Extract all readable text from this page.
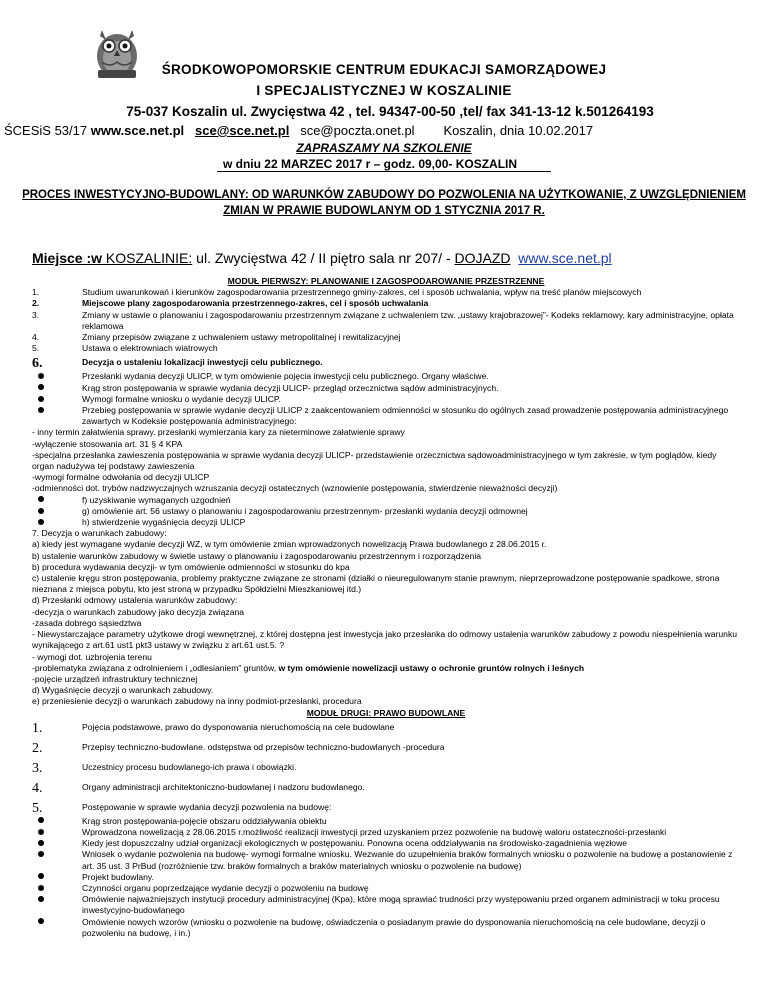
ŚRODKOWOPOMORSKIE CENTRUM EDUKACJI SAMORZĄDOWEJ
I SPECJALISTYCZNEJ W KOSZALINIE
75-037 Koszalin ul. Zwycięstwa 42 , tel. 94347-00-50 ,tel/ fax 341-13-12 k.501264193
ŚCESiS 53/17 www.sce.net.pl sce@sce.net.pl sce@poczta.onet.pl Koszalin, dnia 10.02.2017
ZAPRASZAMY NA SZKOLENIE
w dniu 22 MARZEC 2017 r – godz. 09,00- KOSZALIN
PROCES INWESTYCYJNO-BUDOWLANY: OD WARUNKÓW ZABUDOWY DO POZWOLENIA NA UŻYTKOWANIE, Z UWZGLĘDNIENIEM ZMIAN W PRAWIE BUDOWLANYM OD 1 STYCZNIA 2017 R.
Miejsce :w KOSZALINIE: ul. Zwycięstwa 42 / II piętro sala nr 207/ - DOJAZD www.sce.net.pl
MODUŁ PIERWSZY: PLANOWANIE I ZAGOSPODAROWANIE PRZESTRZENNE
1.	Studium uwarunkowań i kierunków zagospodarowania przestrzennego gminy-zakres, cel i sposób uchwalania, wpływ na treść planów miejscowych
2.	Miejscowe plany zagospodarowania przestrzennego-zakres, cel i sposób uchwalania
3.	Zmiany w ustawie o planowaniu i zagospodarowaniu przestrzennym związane z uchwaleniem tzw. „ustawy krajobrazowej”- Kodeks reklamowy, kary administracyjne, opłata reklamowa
4.	Zmiany przepisów związane z uchwaleniem ustawy metropolitalnej i rewitalizacyjnej
5.	Ustawa o elektrowniach wiatrowych
6.	Decyzja o ustaleniu lokalizacji inwestycji celu publicznego.
Przesłanki wydania decyzji ULICP, w tym omówienie pojęcia inwestycji celu publicznego. Organy właściwe.
Krąg stron postępowania w sprawie wydania decyzji ULICP- przegląd orzecznictwa sądów administracyjnych.
Wymogi formalne wniosku o wydanie decyzji ULICP.
Przebieg postępowania w sprawie wydanie decyzji ULICP z zaakcentowaniem odmienności w stosunku do ogólnych zasad prowadzenie postępowania administracyjnego zawartych w Kodeksie postępowania administracyjnego:
- inny termin załatwienia sprawy. przesłanki wymierzania kary za nieterminowe załatwienie sprawy
-wyłączenie stosowania art. 31 § 4 KPA
-specjalna przesłanka zawieszenia postępowania w sprawie wydania decyzji ULICP- przedstawienie orzecznictwa sądowoadministracyjnego w tym zakresie, w tym poglądów, kiedy organ nadużywa tej podstawy zawieszenia
-wymogi formalne odwołania od decyzji ULICP
-odmienności dot. trybów nadzwyczajnych wzruszania decyzji ostatecznych (wznowienie postępowania, stwierdzenie nieważności decyzji)
f) uzyskiwanie wymaganych uzgodnień
g) omówienie art. 56 ustawy o planowaniu i zagospodarowaniu przestrzennym- przesłanki wydania decyzji odmownej
h) stwierdzenie wygaśnięcia decyzji ULICP
7. Decyzja o warunkach zabudowy:
a) kiedy jest wymagane wydanie decyzji WZ, w tym omówienie zmian wprowadzonych nowelizacją Prawa budowlanego z 28.06.2015 r.
b) ustalenie warunków zabudowy w świetle ustawy o planowaniu i zagospodarowaniu przestrzennym i rozporządzenia
b) procedura wydawania decyzji- w tym omówienie odmienności w stosunku do kpa
c) ustalenie kręgu stron postępowania, problemy praktyczne związane ze stronami (działki o nieuregulowanym stanie prawnym, nieprzeprowadzone postępowanie spadkowe, strona nieznana z miejsca pobytu, kto jest stroną w przypadku Spółdzielni Mieszkaniowej itd.)
d) Przesłanki odmowy ustalenia warunków zabudowy:
-decyzja o warunkach zabudowy jako decyzja związana
-zasada dobrego sąsiedztwa
- Niewystarczające parametry użytkowe drogi wewnętrznej, z której dostępna jest inwestycja jako przesłanka do odmowy ustalenia warunków zabudowy z powodu niespełnienia warunku wynikającego z art.61 ust1 pkt3 ustawy w związku z art.61 ust.5. ?
- wymogi dot. uzbrojenia terenu
-problematyka związana z odrolnieniem i „odlesianiem” gruntów, w tym omówienie nowelizacji ustawy o ochronie gruntów rolnych i leśnych
-pojęcie urządzeń infrastruktury technicznej
d) Wygaśnięcie decyzji o warunkach zabudowy.
e) przeniesienie decyzji o warunkach zabudowy na inny podmiot-przesłanki, procedura
MODUŁ DRUGI: PRAWO BUDOWLANE
1.	Pojęcia podstawowe, prawo do dysponowania nieruchomością na cele budowlane
2.	Przepisy techniczno-budowlane. odstępstwa od przepisów techniczno-budowlanych -procedura
3.	Uczestnicy procesu budowlanego-ich prawa i obowiązki.
4.	Organy administracji architektoniczno-budowlanej i nadzoru budowlanego.
5.	Postępowanie w sprawie wydania decyzji pozwolenia na budowę:
Krąg stron postępowania-pojęcie obszaru oddziaływania obiektu
Wprowadzona nowelizacją z 28.06.2015 r.możliwość realizacji inwestycji przed uzyskaniem przez pozwolenie na budowę waloru ostateczności-przesłanki
Kiedy jest dopuszczalny udział organizacji ekologicznych w postępowaniu. Ponowna ocena oddziaływania na środowisko-zagadnienia węzłowe
Wniosek o wydanie pozwolenia na budowę- wymogi formalne wniosku. Wezwanie do uzupełnienia braków formalnych wniosku o pozwolenie na budowę a postanowienie z art. 35 ust. 3 PrBud (rozróżnienie tzw. braków formalnych a braków materialnych wniosku o pozwolenie na budowę)
Projekt budowlany.
Czynności organu poprzedzające wydanie decyzji o pozwoleniu na budowę
Omówienie najważniejszych instytucji procedury administracyjnej (Kpa), które mogą sprawiać trudności przy występowaniu przed organem administracji w toku procesu inwestycyjno-budowlanego
Omówienie nowych wzorów (wniosku o pozwolenie na budowę, oświadczenia o posiadanym prawie do dysponowania nieruchomością na cele budowlane, decyzji o pozwoleniu na budowę, i in.)
